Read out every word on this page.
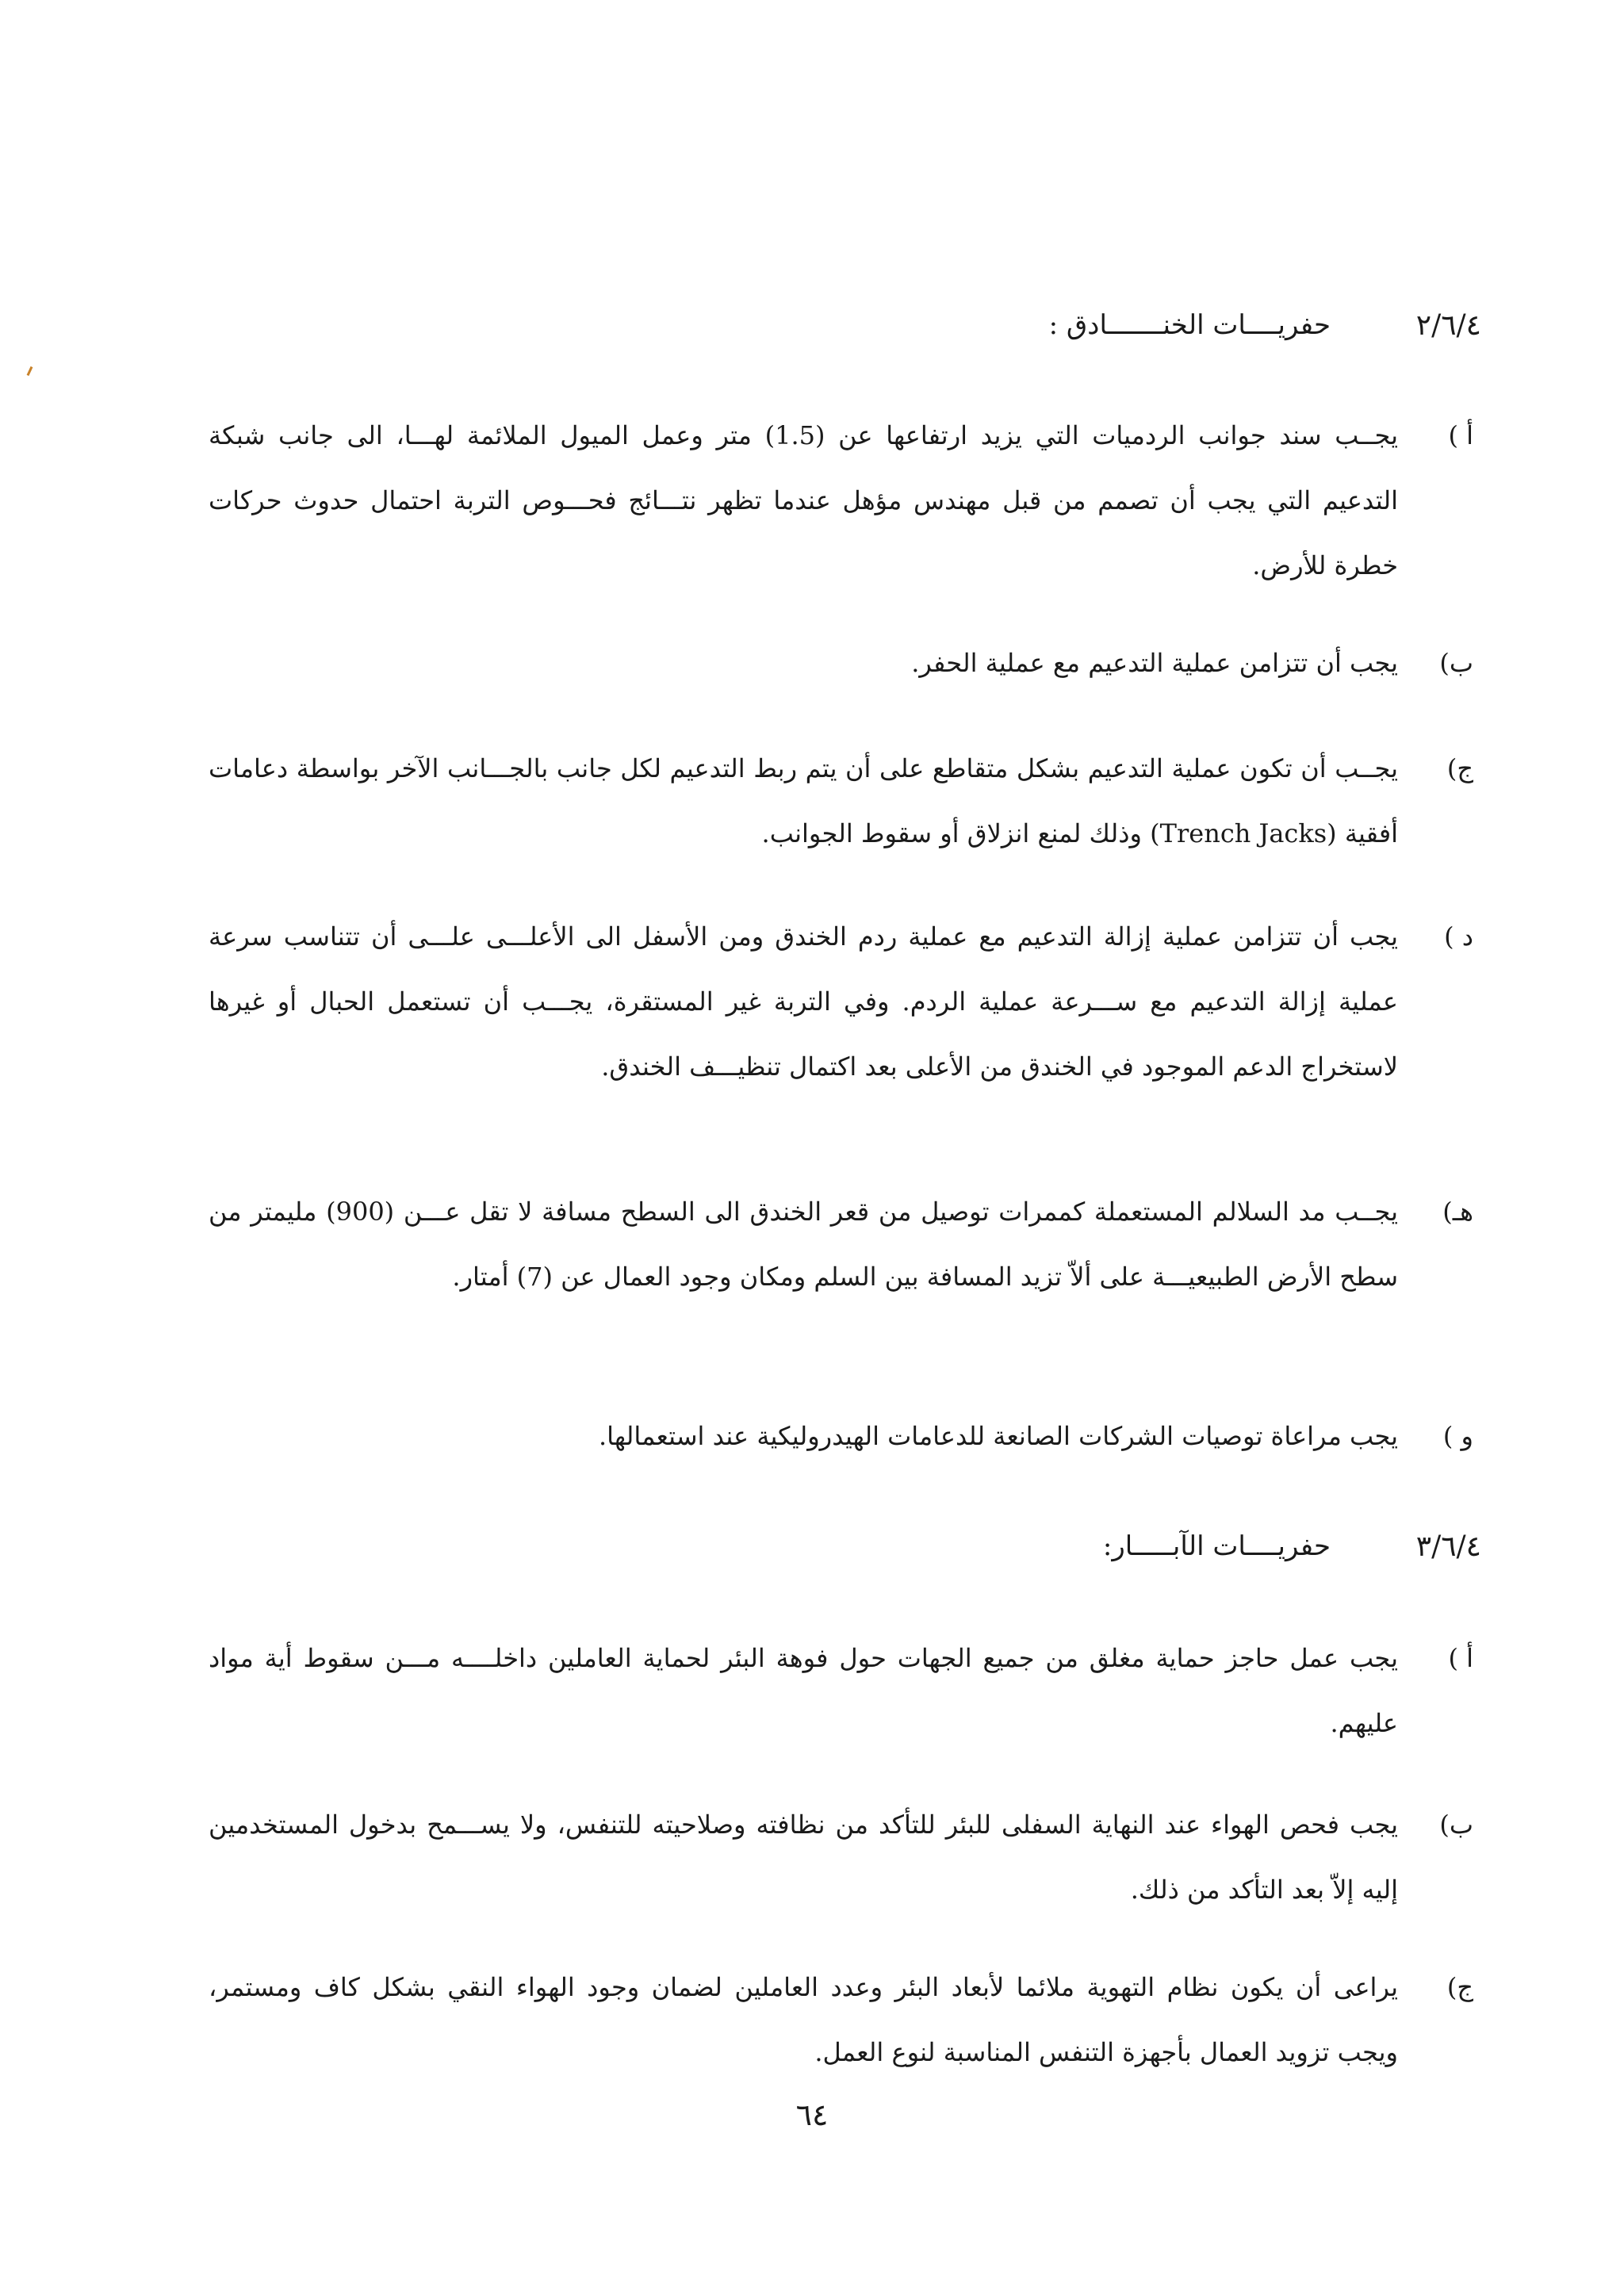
٢/٦/٤
حفريــــات الخنـــــــادق :
أ )
يجــب سند جوانب الردميات التي يزيد ارتفاعها عن (1.5) متر وعمل الميول الملائمة لهـــا، الى جانب شبكة التدعيم التي يجب أن تصمم من قبل مهندس مؤهل عندما تظهر نتـــائج فحـــوص التربة احتمال حدوث حركات خطرة للأرض.
ب)
يجب أن تتزامن عملية التدعيم مع عملية الحفر.
ج)
يجــب أن تكون عملية التدعيم بشكل متقاطع على أن يتم ربط التدعيم لكل جانب بالجـــانب الآخر بواسطة دعامات أفقية (Trench Jacks) وذلك لمنع انزلاق أو سقوط الجوانب.
د )
يجب أن تتزامن عملية إزالة التدعيم مع عملية ردم الخندق ومن الأسفل الى الأعلـــى علـــى أن تتناسب سرعة عملية إزالة التدعيم مع ســـرعة عملية الردم. وفي التربة غير المستقرة، يجـــب أن تستعمل الحبال أو غيرها لاستخراج الدعم الموجود في الخندق من الأعلى بعد اكتمال تنظيـــف الخندق.
هـ)
يجــب مد السلالم المستعملة كممرات توصيل من قعر الخندق الى السطح مسافة لا تقل عـــن (900) مليمتر من سطح الأرض الطبيعيـــة على ألاّ تزيد المسافة بين السلم ومكان وجود العمال عن (7) أمتار.
و )
يجب مراعاة توصيات الشركات الصانعة للدعامات الهيدروليكية عند استعمالها.
٣/٦/٤
حفريــــات الآبـــــار:
أ )
يجب عمل حاجز حماية مغلق من جميع الجهات حول فوهة البئر لحماية العاملين داخلــــه مـــن سقوط أية مواد عليهم.
ب)
يجب فحص الهواء عند النهاية السفلى للبئر للتأكد من نظافته وصلاحيته للتنفس، ولا يســـمح بدخول المستخدمين إليه إلاّ بعد التأكد من ذلك.
ج)
يراعى أن يكون نظام التهوية ملائما لأبعاد البئر وعدد العاملين لضمان وجود الهواء النقي بشكل كاف ومستمر، ويجب تزويد العمال بأجهزة التنفس المناسبة لنوع العمل.
٦٤
